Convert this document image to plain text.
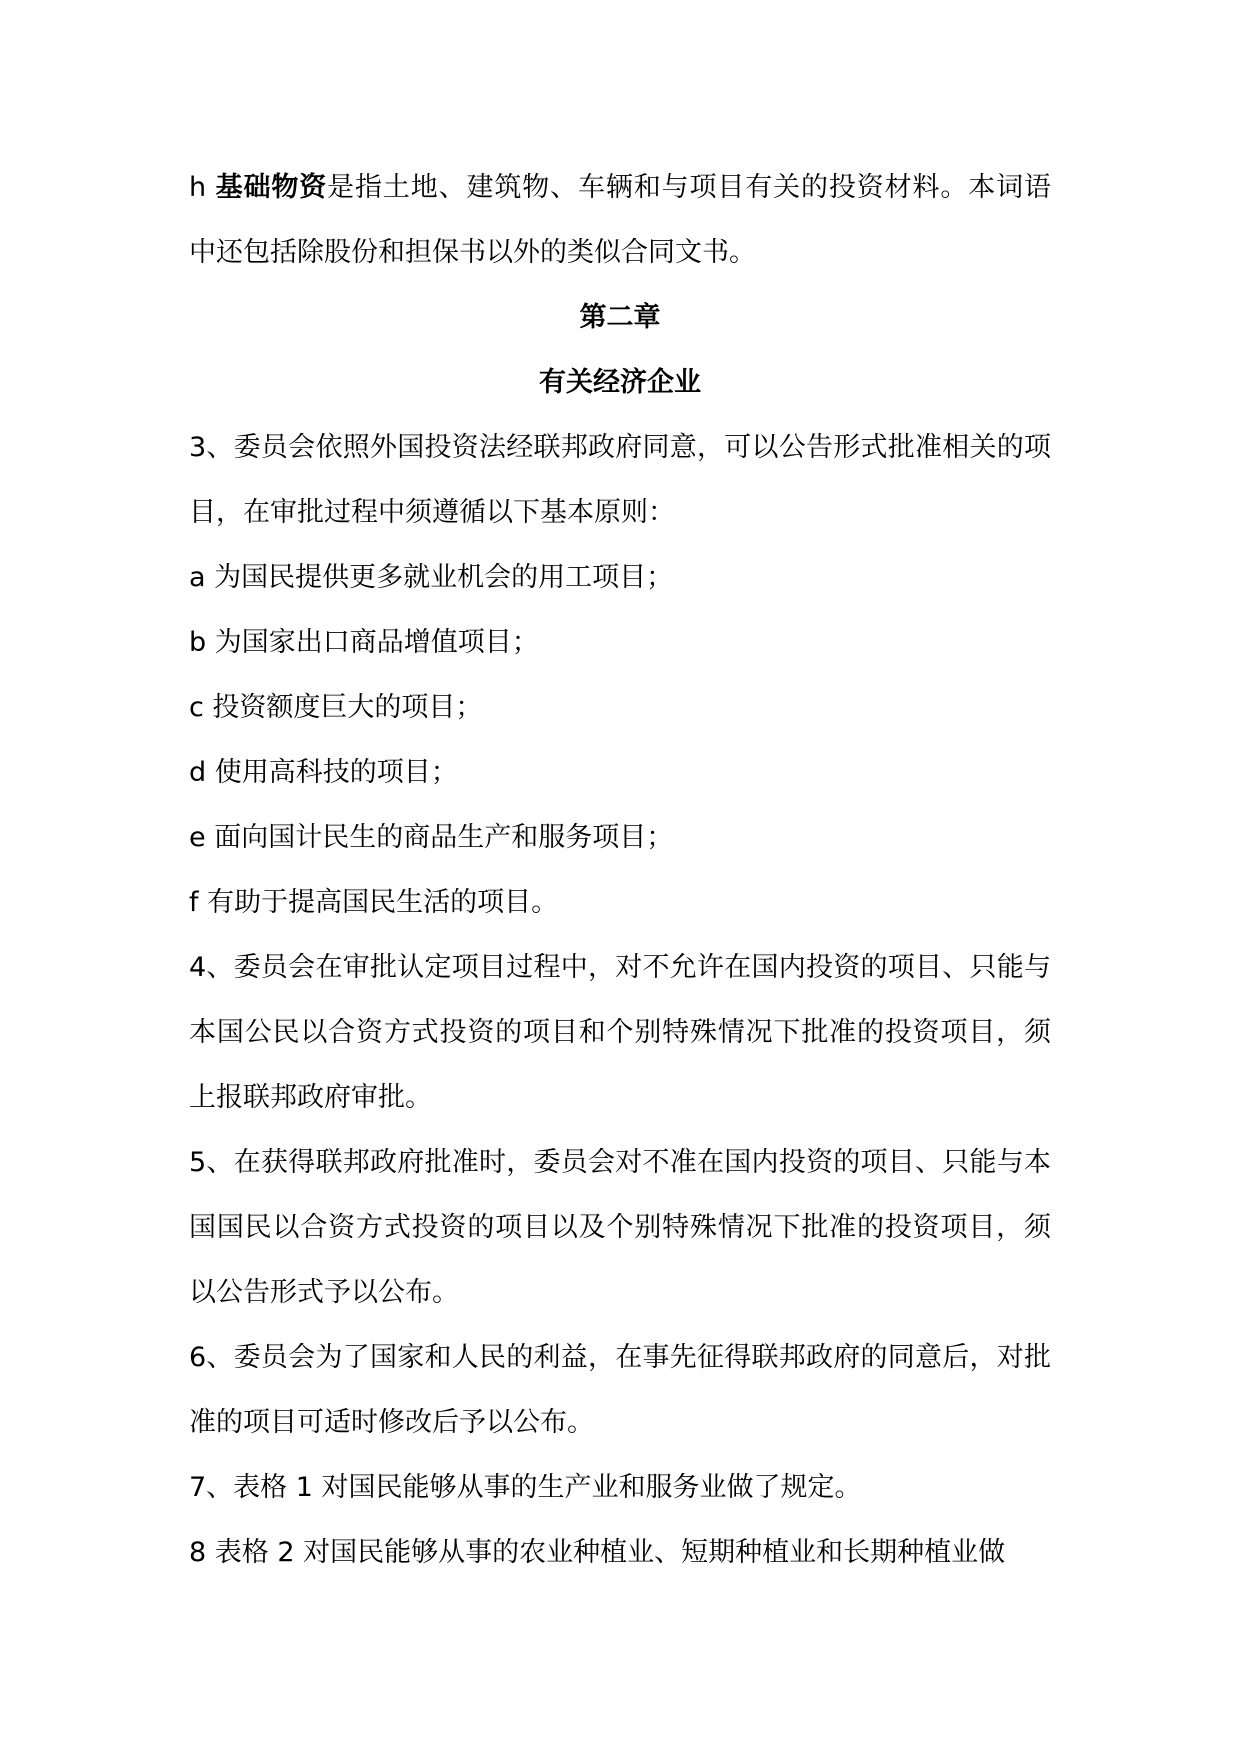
h 基础物资是指土地、建筑物、车辆和与项目有关的投资材料。本词语中还包括除股份和担保书以外的类似合同文书。

第二章

有关经济企业

3、委员会依照外国投资法经联邦政府同意，可以公告形式批准相关的项目，在审批过程中须遵循以下基本原则：

a 为国民提供更多就业机会的用工项目；

b 为国家出口商品增值项目；

c 投资额度巨大的项目；

d 使用高科技的项目；

e 面向国计民生的商品生产和服务项目；

f 有助于提高国民生活的项目。

4、委员会在审批认定项目过程中，对不允许在国内投资的项目、只能与本国公民以合资方式投资的项目和个别特殊情况下批准的投资项目，须上报联邦政府审批。

5、在获得联邦政府批准时，委员会对不准在国内投资的项目、只能与本国国民以合资方式投资的项目以及个别特殊情况下批准的投资项目，须以公告形式予以公布。

6、委员会为了国家和人民的利益，在事先征得联邦政府的同意后，对批准的项目可适时修改后予以公布。

7、表格 1 对国民能够从事的生产业和服务业做了规定。

8 表格 2 对国民能够从事的农业种植业、短期种植业和长期种植业做
